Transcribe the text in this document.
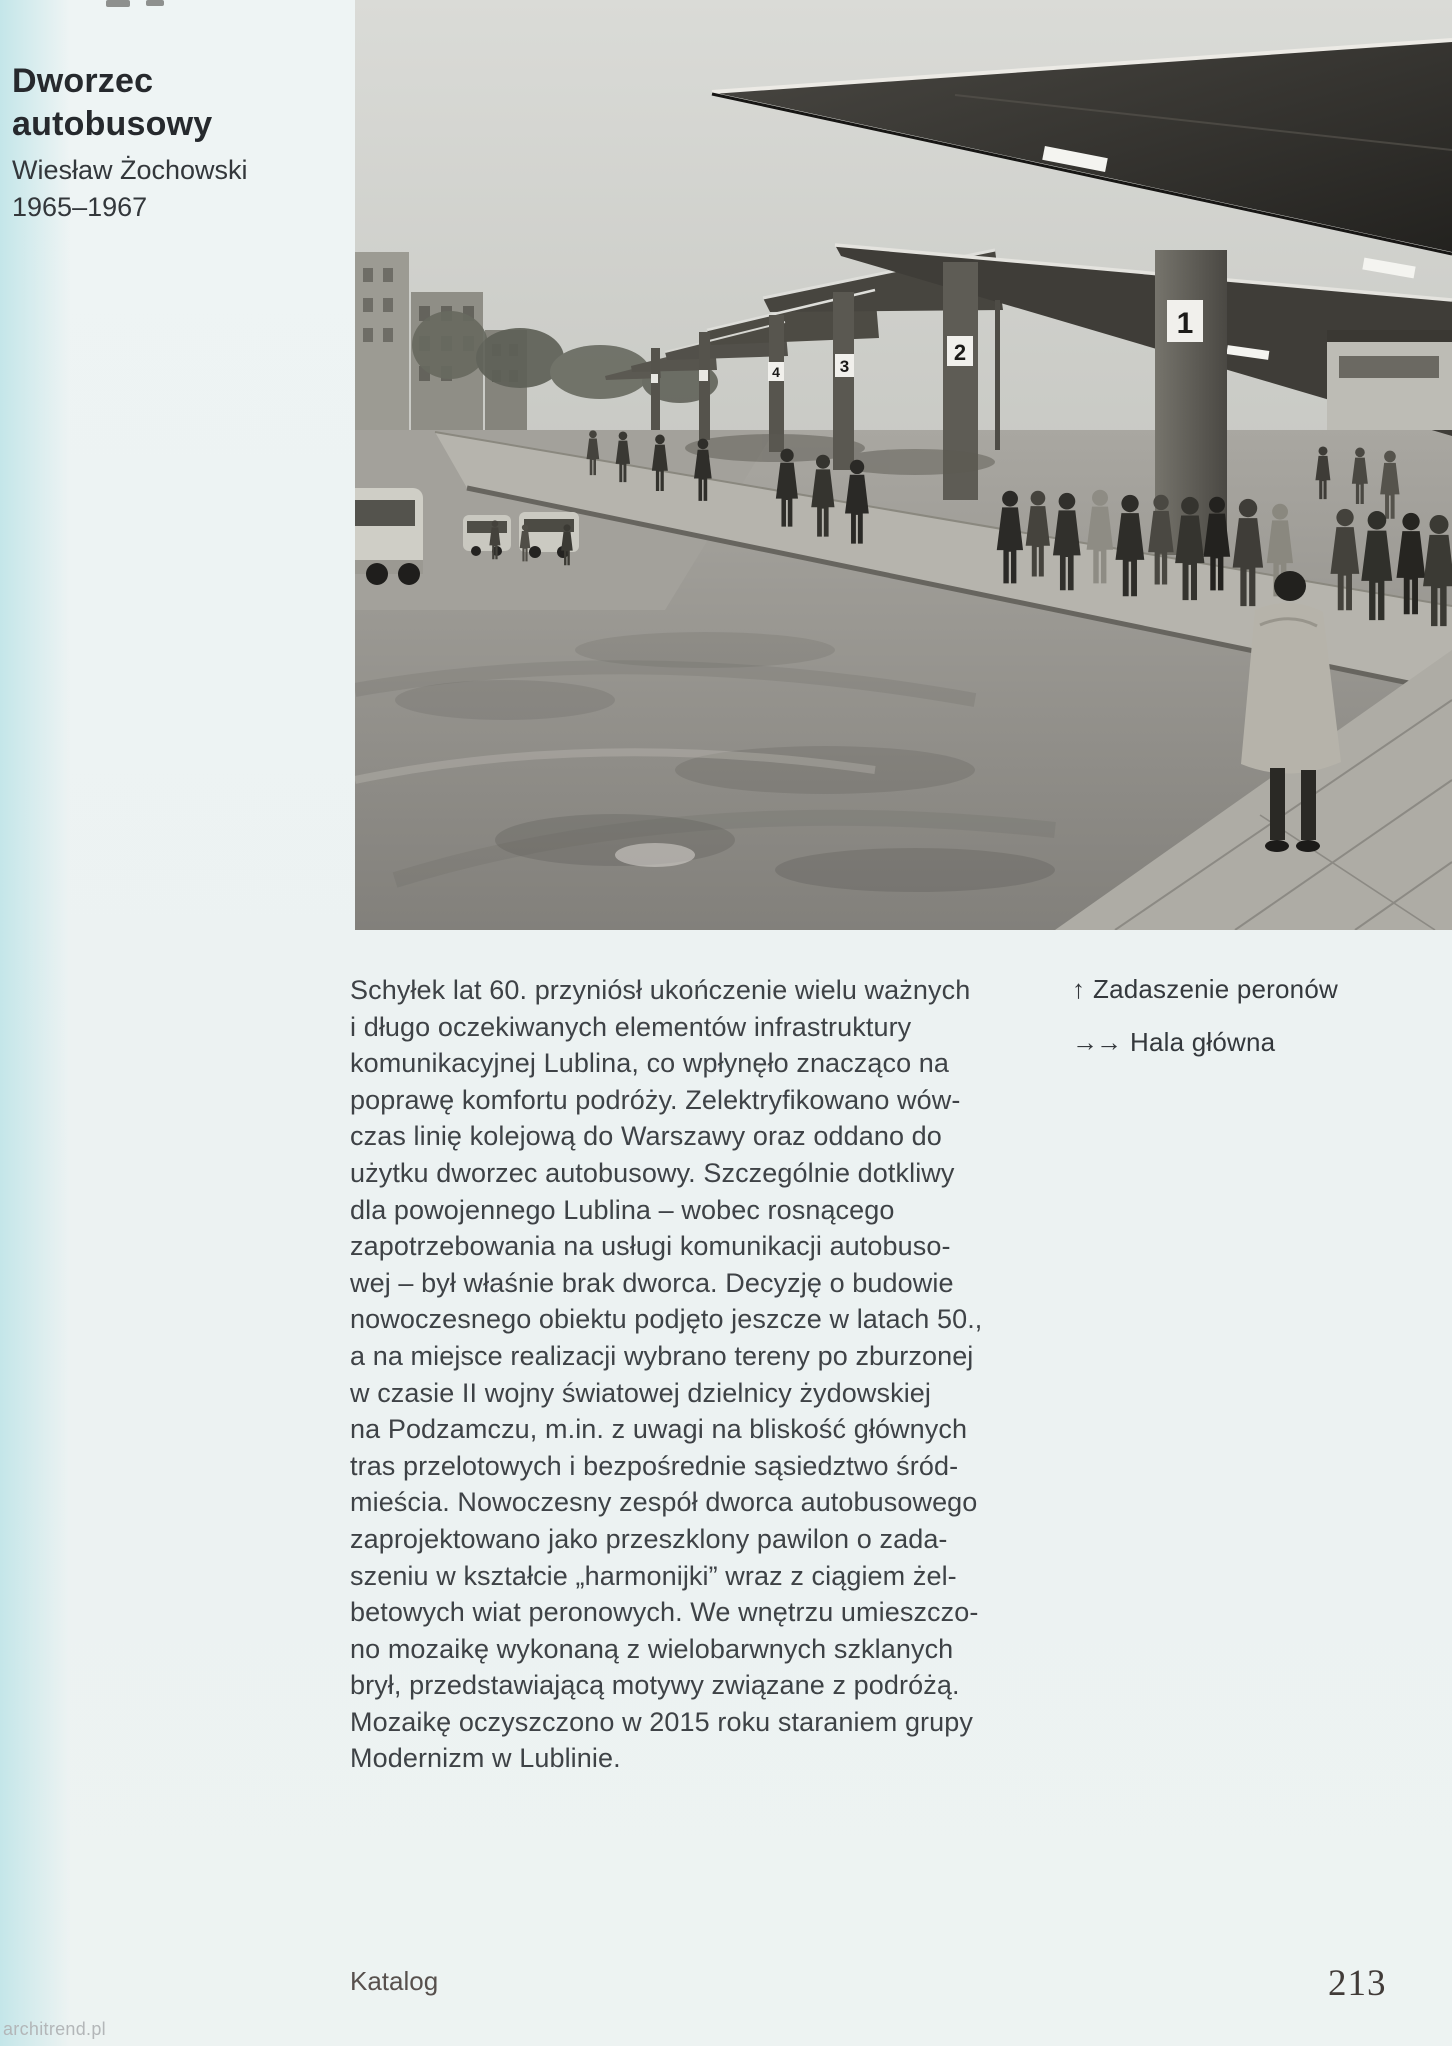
Dworzec
autobusowy
Wiesław Żochowski
1965–1967
1
2
3
4
↑ Zadaszenie peronów
→→ Hala główna
Schyłek lat 60. przyniósł ukończenie wielu ważnych
i długo oczekiwanych elementów infrastruktury
komunikacyjnej Lublina, co wpłynęło znacząco na
poprawę komfortu podróży. Zelektryfikowano wów-
czas linię kolejową do Warszawy oraz oddano do
użytku dworzec autobusowy. Szczególnie dotkliwy
dla powojennego Lublina – wobec rosnącego
zapotrzebowania na usługi komunikacji autobuso-
wej – był właśnie brak dworca. Decyzję o budowie
nowoczesnego obiektu podjęto jeszcze w latach 50.,
a na miejsce realizacji wybrano tereny po zburzonej
w czasie II wojny światowej dzielnicy żydowskiej
na Podzamczu, m.in. z uwagi na bliskość głównych
tras przelotowych i bezpośrednie sąsiedztwo śród-
mieścia. Nowoczesny zespół dworca autobusowego
zaprojektowano jako przeszklony pawilon o zada-
szeniu w kształcie „harmonijki” wraz z ciągiem żel-
betowych wiat peronowych. We wnętrzu umieszczo-
no mozaikę wykonaną z wielobarwnych szklanych
brył, przedstawiającą motywy związane z podróżą.
Mozaikę oczyszczono w 2015 roku staraniem grupy
Modernizm w Lublinie.
Katalog	213
architrend.pl
